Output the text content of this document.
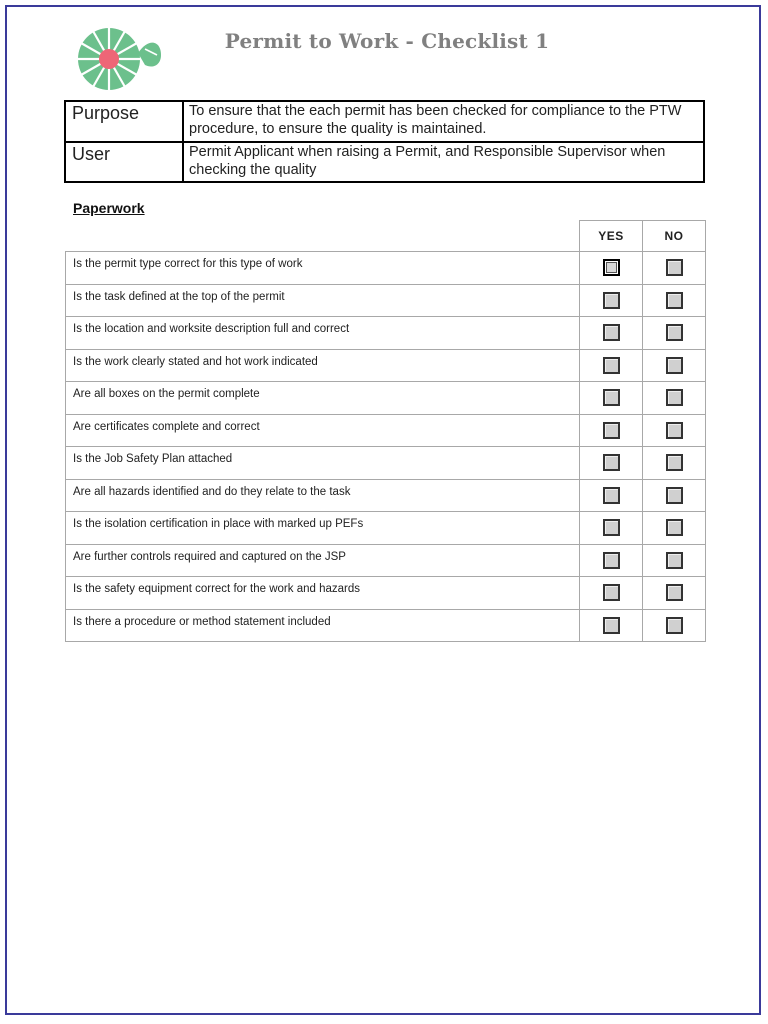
Permit to Work - Checklist 1
Purpose	To ensure that the each permit has been checked for compliance to the PTW procedure, to ensure the quality is maintained.
User	Permit Applicant when raising a Permit, and Responsible Supervisor when checking the quality
Paperwork
	YES	NO
Is the permit type correct for this type of work		
Is the task defined at the top of the permit		
Is the location and worksite description full and correct		
Is the work clearly stated and hot work indicated		
Are all boxes on the permit complete		
Are certificates complete and correct		
Is the Job Safety Plan attached		
Are all hazards identified and do they relate to the task		
Is the isolation certification in place with marked up PEFs		
Are further controls required and captured on the JSP		
Is the safety equipment correct for the work and hazards		
Is there a procedure or method statement included		
